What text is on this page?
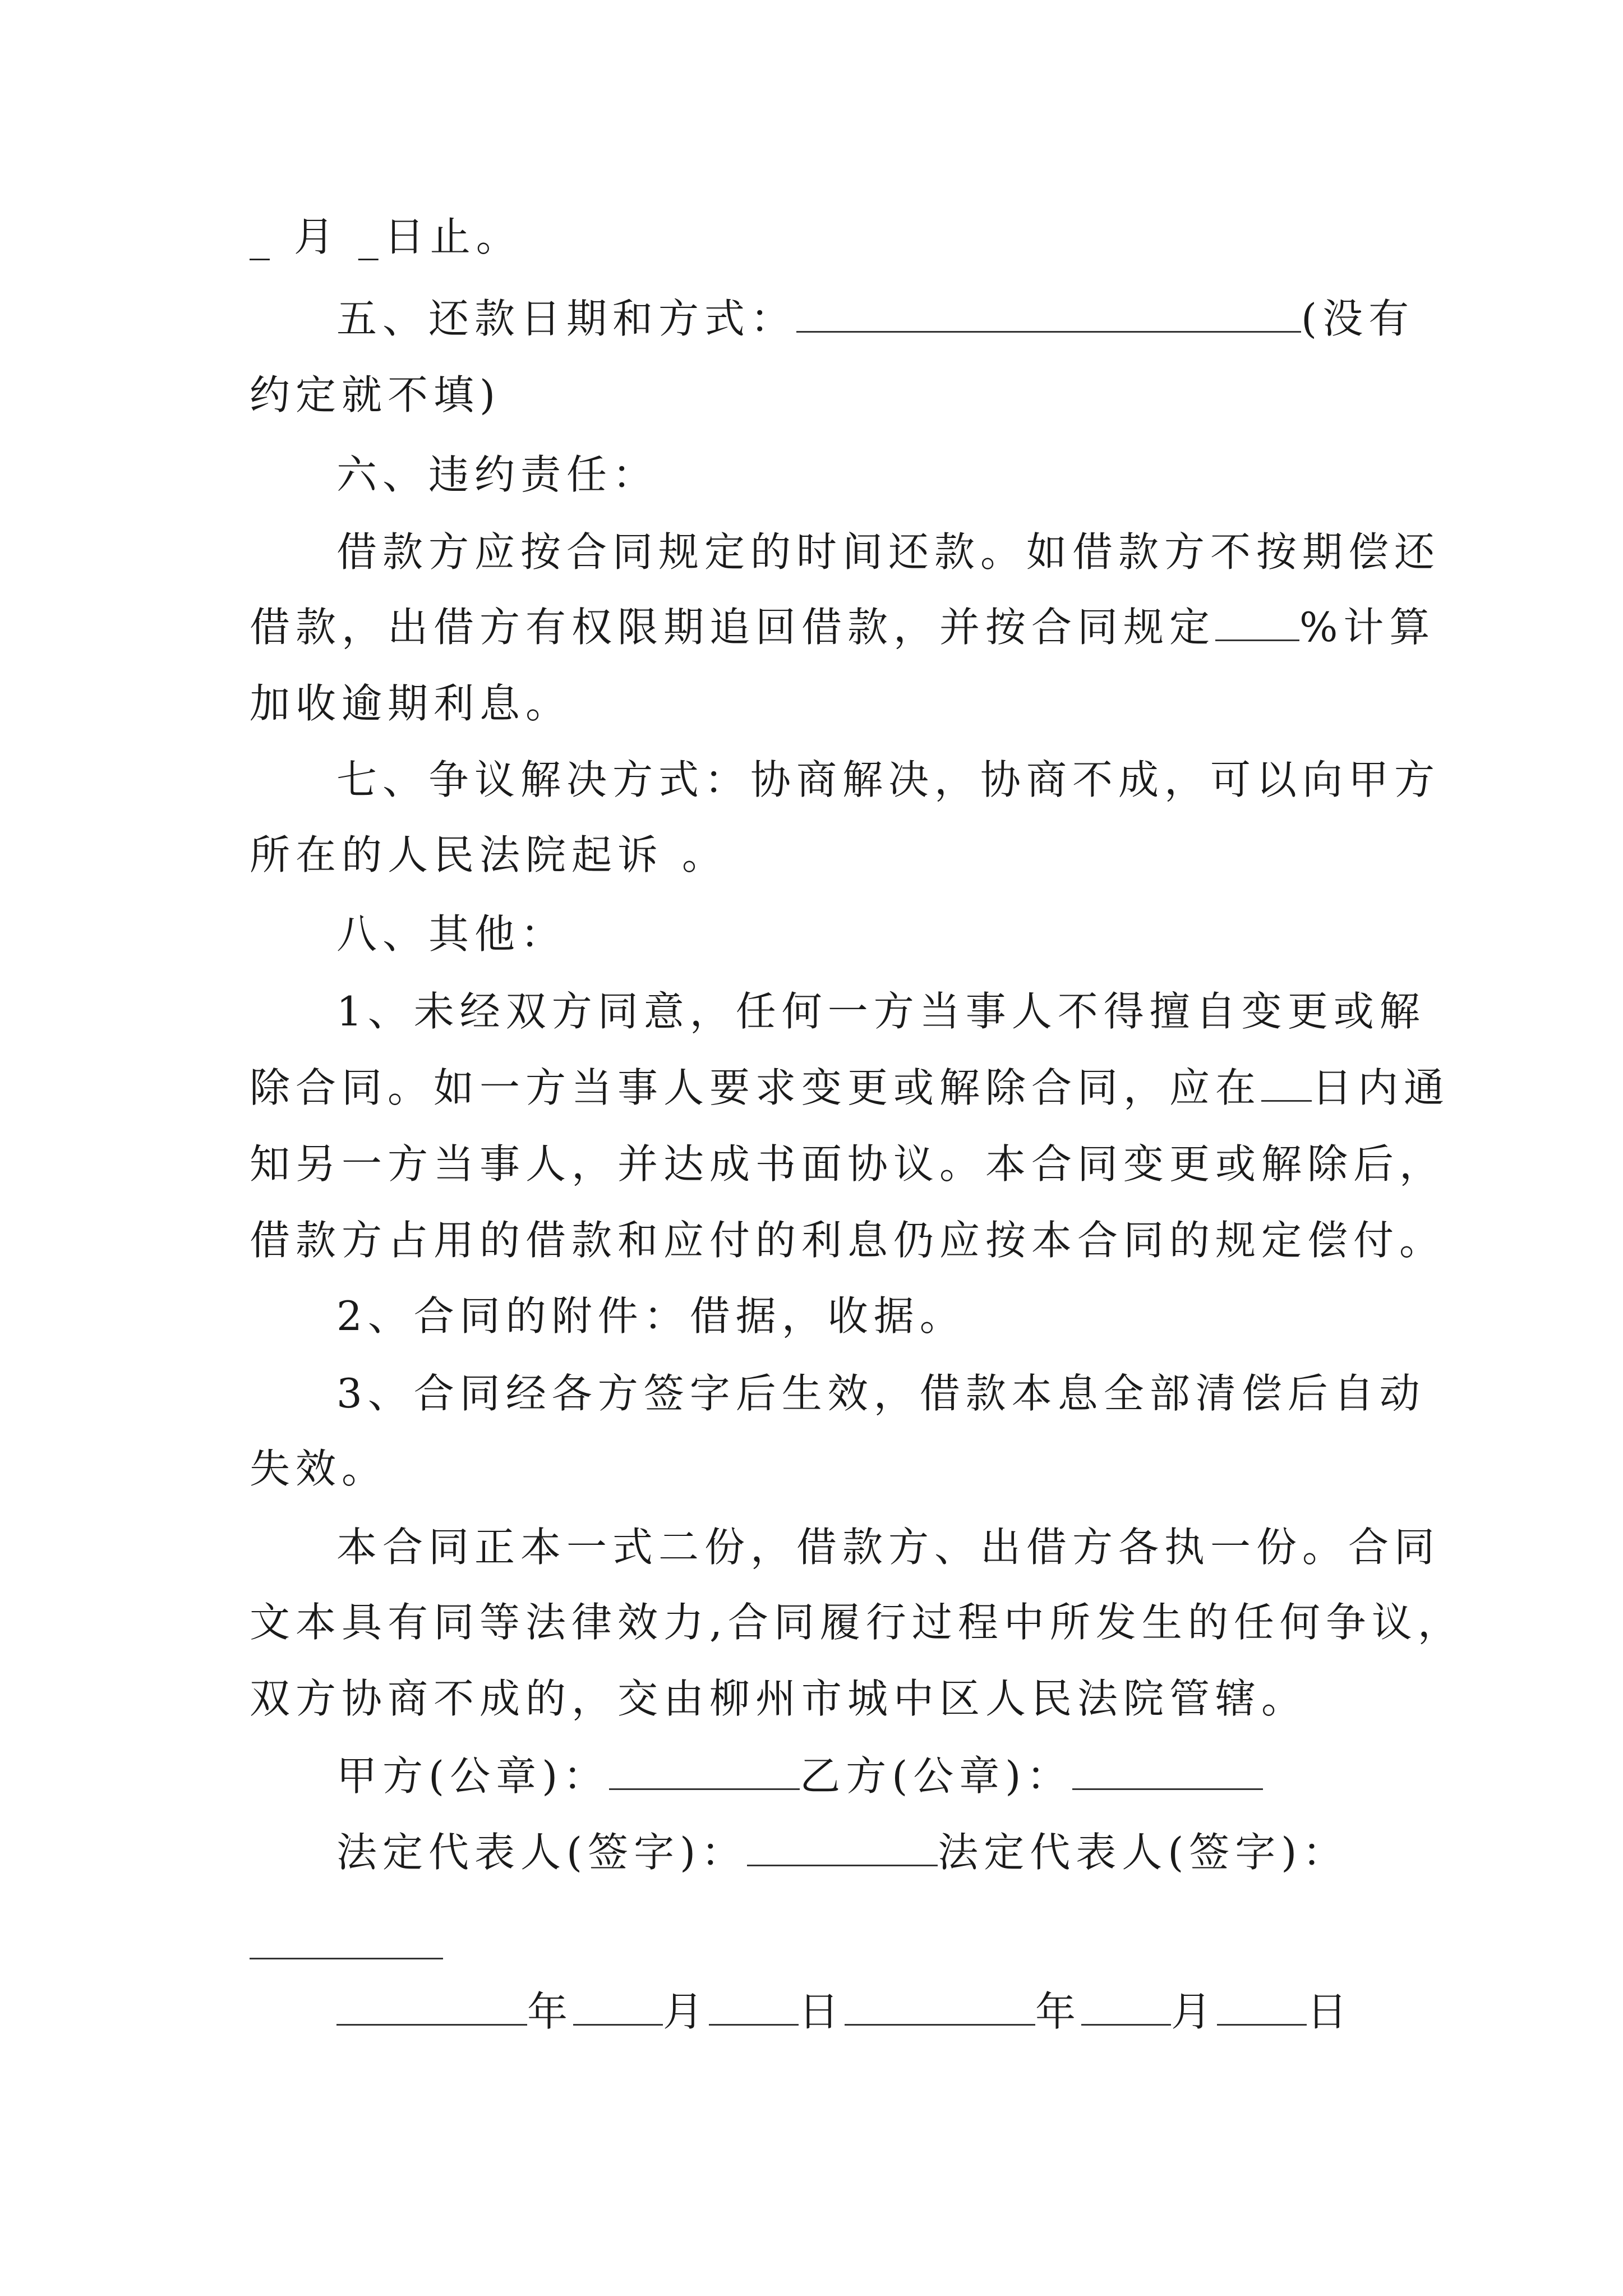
_ 月 _日止。
五、还款日期和方式：	(没有
约定就不填)
六、违约责任：
借款方应按合同规定的时间还款。如借款方不按期偿还
借款，出借方有权限期追回借款，并按合同规定 %计算
加收逾期利息。
七、争议解决方式：协商解决，协商不成，可以向甲方
所在的人民法院起诉 。
八、其他：
1、未经双方同意，任何一方当事人不得擅自变更或解
除合同。如一方当事人要求变更或解除合同，应在 日内通
知另一方当事人，并达成书面协议。本合同变更或解除后，
借款方占用的借款和应付的利息仍应按本合同的规定偿付。
2、合同的附件：借据，收据。
3、合同经各方签字后生效，借款本息全部清偿后自动
失效。
本合同正本一式二份，借款方、出借方各执一份。合同
文本具有同等法律效力,合同履行过程中所发生的任何争议，
双方协商不成的，交由柳州市城中区人民法院管辖。
甲方(公章)：	乙方(公章)：
法定代表人(签字)：	法定代表人(签字)：
年 月 日	年 月 日
